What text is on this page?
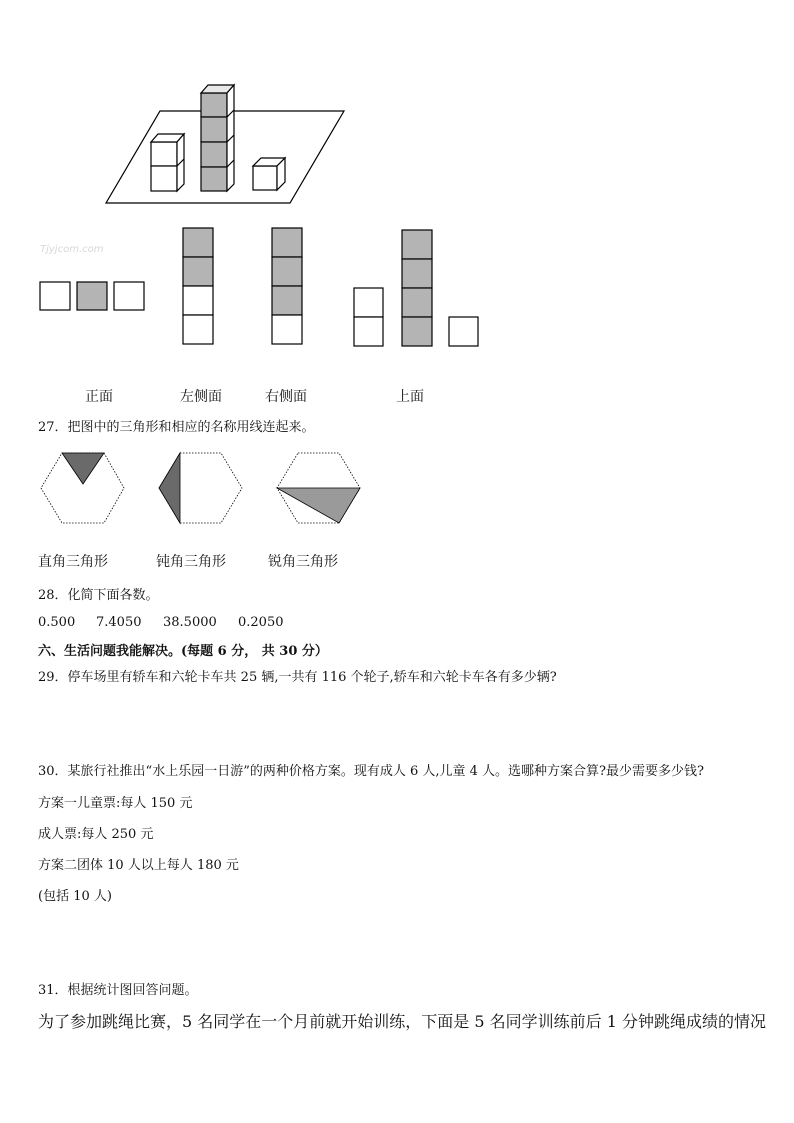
Tjyjcom.com
正面	左侧面	右侧面	上面
27．把图中的三角形和相应的名称用线连起来。
直角三角形	钝角三角形	锐角三角形
28．化简下面各数。
0.500 7.4050 38.5000 0.2050
六、生活问题我能解决。(每题 6 分， 共 30 分）
29．停车场里有轿车和六轮卡车共 25 辆,一共有 116 个轮子,轿车和六轮卡车各有多少辆?
30．某旅行社推出“水上乐园一日游”的两种价格方案。现有成人 6 人,儿童 4 人。选哪种方案合算?最少需要多少钱?
方案一儿童票:每人 150 元
成人票:每人 250 元
方案二团体 10 人以上每人 180 元
(包括 10 人)
31．根据统计图回答问题。
为了参加跳绳比赛，5 名同学在一个月前就开始训练，下面是 5 名同学训练前后 1 分钟跳绳成绩的情况
